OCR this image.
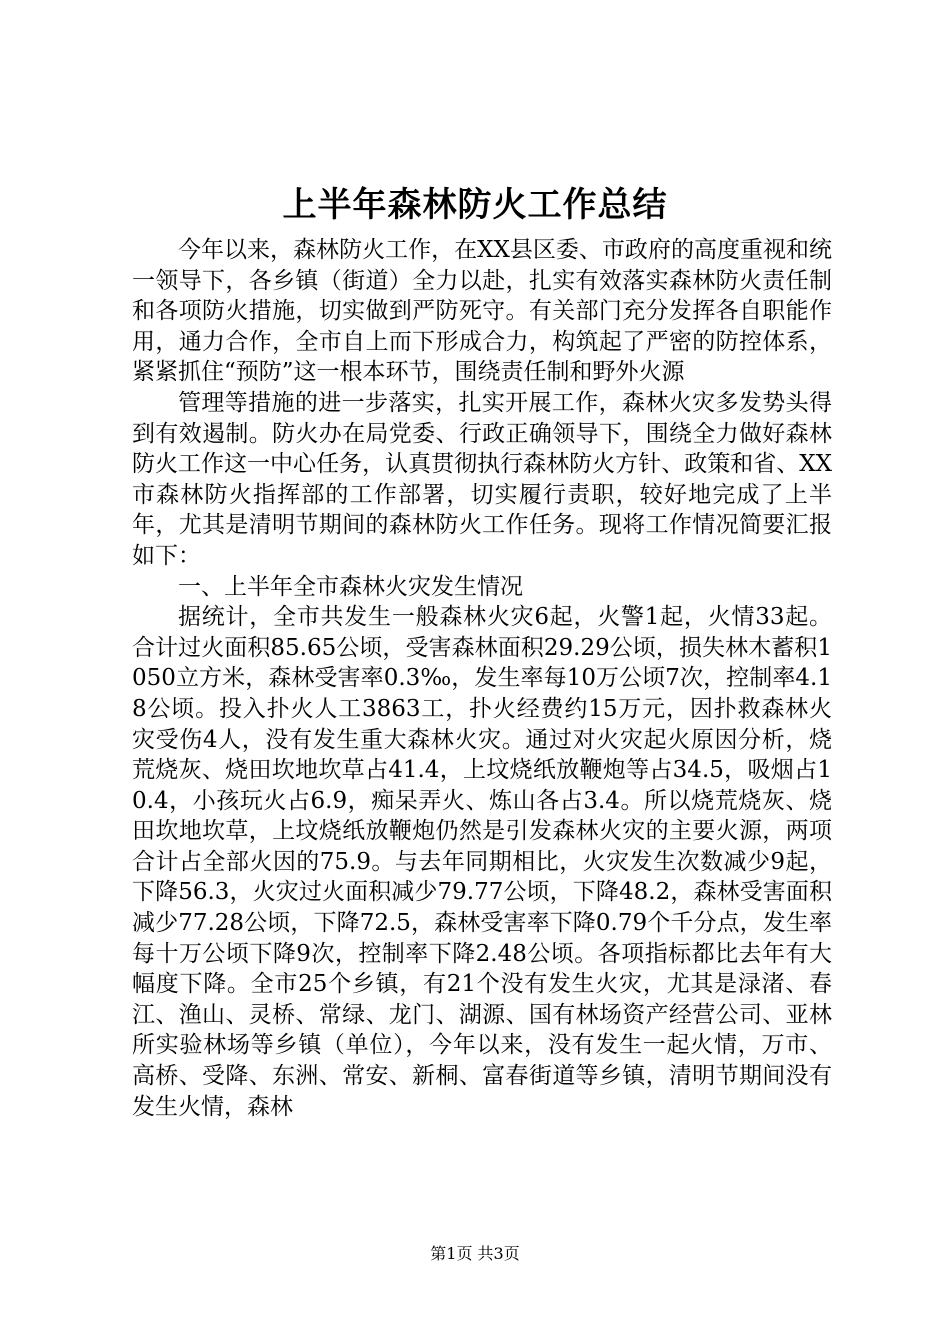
上半年森林防火工作总结

今年以来，森林防火工作，在XX县区委、市政府的高度重视和统一领导下，各乡镇（街道）全力以赴，扎实有效落实森林防火责任制和各项防火措施，切实做到严防死守。有关部门充分发挥各自职能作用，通力合作，全市自上而下形成合力，构筑起了严密的防控体系，紧紧抓住“预防”这一根本环节，围绕责任制和野外火源

管理等措施的进一步落实，扎实开展工作，森林火灾多发势头得到有效遏制。防火办在局党委、行政正确领导下，围绕全力做好森林防火工作这一中心任务，认真贯彻执行森林防火方针、政策和省、XX市森林防火指挥部的工作部署，切实履行责职，较好地完成了上半年，尤其是清明节期间的森林防火工作任务。现将工作情况简要汇报如下：

一、上半年全市森林火灾发生情况

据统计，全市共发生一般森林火灾6起，火警1起，火情33起。合计过火面积85.65公顷，受害森林面积29.29公顷，损失林木蓄积1050立方米，森林受害率0.3‰，发生率每10万公顷7次，控制率4.18公顷。投入扑火人工3863工，扑火经费约15万元，因扑救森林火灾受伤4人，没有发生重大森林火灾。通过对火灾起火原因分析，烧荒烧灰、烧田坎地坎草占41.4，上坟烧纸放鞭炮等占34.5，吸烟占10.4，小孩玩火占6.9，痴呆弄火、炼山各占3.4。所以烧荒烧灰、烧田坎地坎草，上坟烧纸放鞭炮仍然是引发森林火灾的主要火源，两项合计占全部火因的75.9。与去年同期相比，火灾发生次数减少9起，下降56.3，火灾过火面积减少79.77公顷，下降48.2，森林受害面积减少77.28公顷，下降72.5，森林受害率下降0.79个千分点，发生率每十万公顷下降9次，控制率下降2.48公顷。各项指标都比去年有大幅度下降。全市25个乡镇，有21个没有发生火灾，尤其是渌渚、春江、渔山、灵桥、常绿、龙门、湖源、国有林场资产经营公司、亚林所实验林场等乡镇（单位），今年以来，没有发生一起火情，万市、高桥、受降、东洲、常安、新桐、富春街道等乡镇，清明节期间没有发生火情，森林

第1页 共3页
